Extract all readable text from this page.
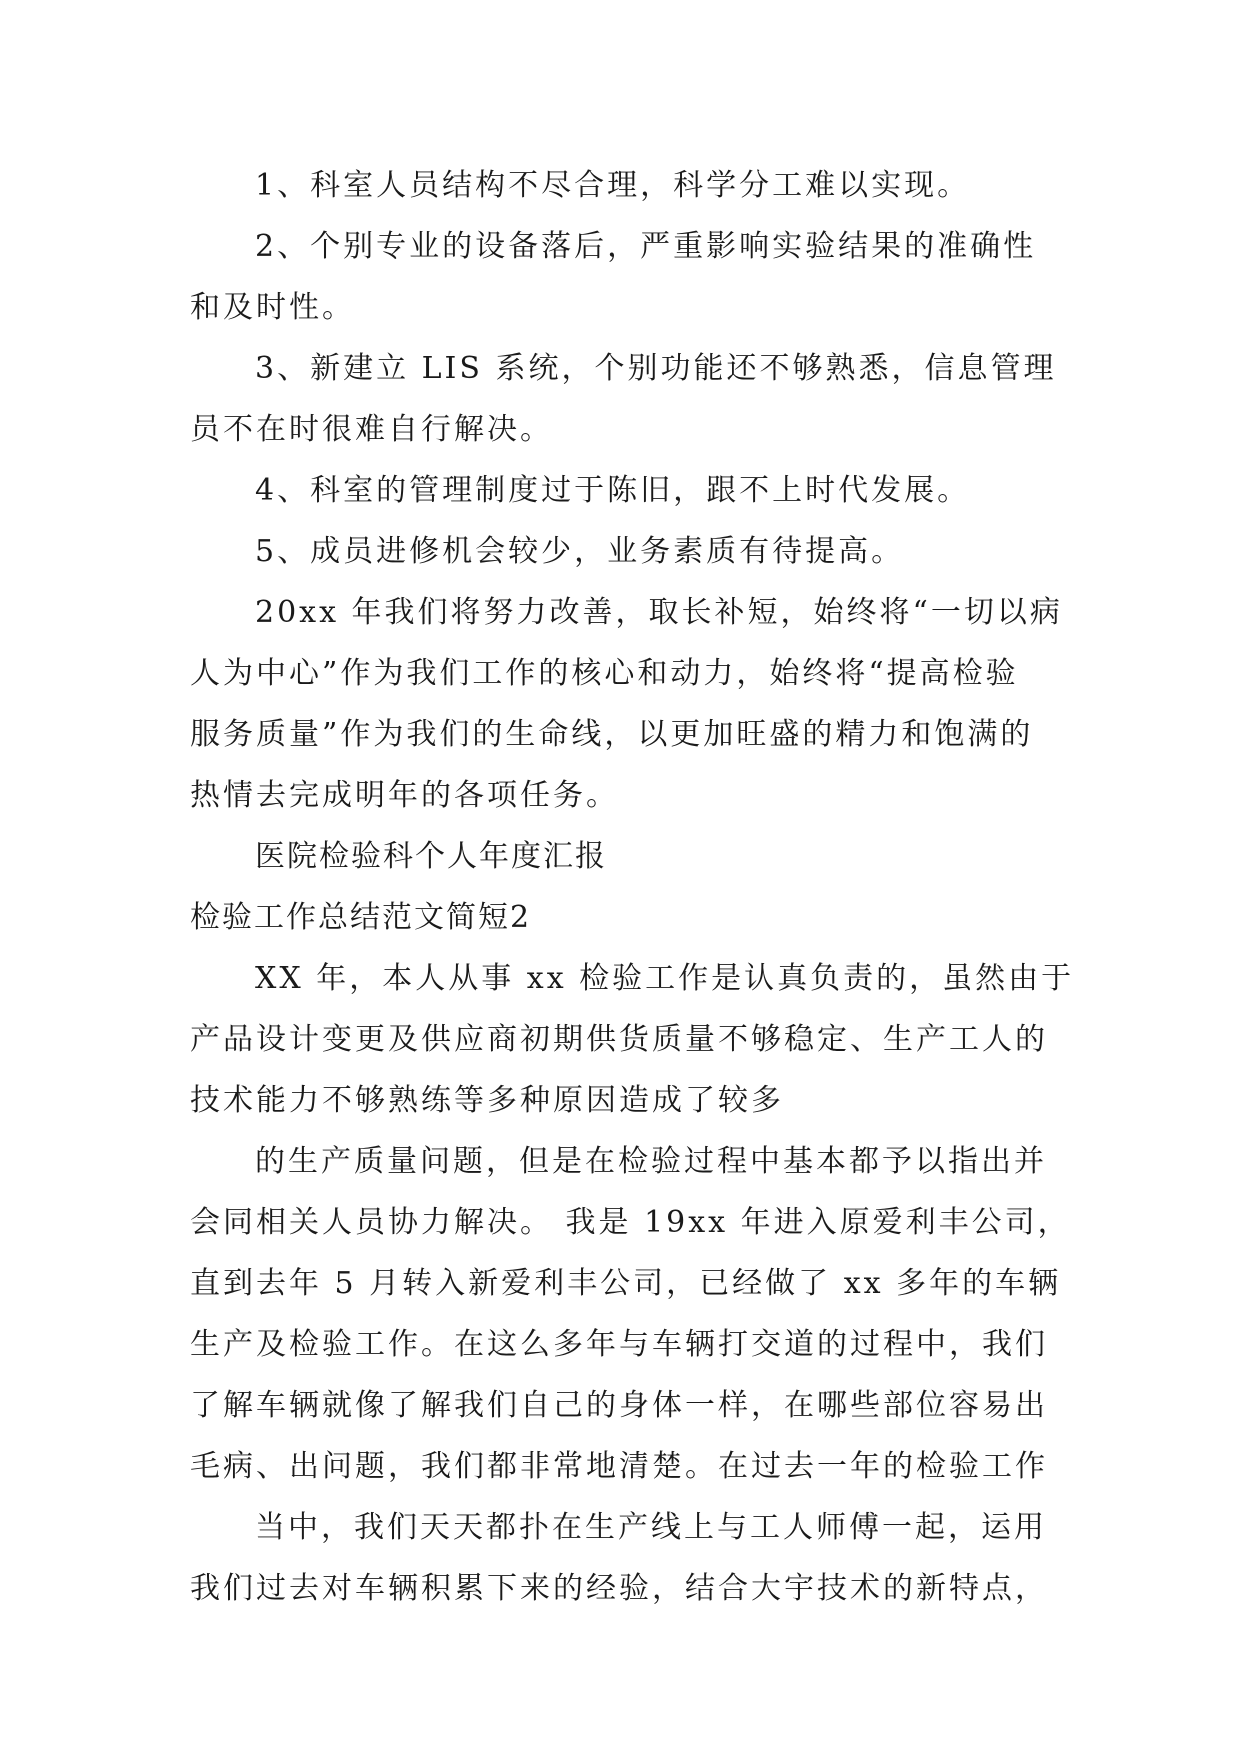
1、科室人员结构不尽合理，科学分工难以实现。
2、个别专业的设备落后，严重影响实验结果的准确性
和及时性。
3、新建立 LIS 系统，个别功能还不够熟悉，信息管理
员不在时很难自行解决。
4、科室的管理制度过于陈旧，跟不上时代发展。
5、成员进修机会较少，业务素质有待提高。
20xx 年我们将努力改善，取长补短，始终将“一切以病
人为中心”作为我们工作的核心和动力，始终将“提高检验
服务质量”作为我们的生命线，以更加旺盛的精力和饱满的
热情去完成明年的各项任务。
医院检验科个人年度汇报
检验工作总结范文简短2
XX 年，本人从事 xx 检验工作是认真负责的，虽然由于
产品设计变更及供应商初期供货质量不够稳定、生产工人的
技术能力不够熟练等多种原因造成了较多
的生产质量问题，但是在检验过程中基本都予以指出并
会同相关人员协力解决。 我是 19xx 年进入原爱利丰公司，
直到去年 5 月转入新爱利丰公司，已经做了 xx 多年的车辆
生产及检验工作。在这么多年与车辆打交道的过程中，我们
了解车辆就像了解我们自己的身体一样，在哪些部位容易出
毛病、出问题，我们都非常地清楚。在过去一年的检验工作
当中，我们天天都扑在生产线上与工人师傅一起，运用
我们过去对车辆积累下来的经验，结合大宇技术的新特点，
